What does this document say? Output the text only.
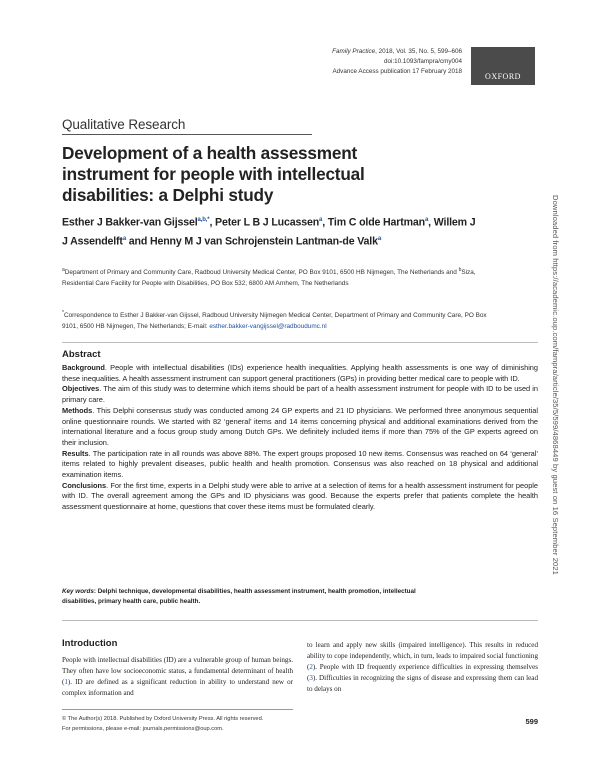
Family Practice, 2018, Vol. 35, No. 5, 599–606
doi:10.1093/fampra/cmy004
Advance Access publication 17 February 2018
OXFORD
Qualitative Research
Development of a health assessment instrument for people with intellectual disabilities: a Delphi study
Esther J Bakker-van Gijssel$^{a,b,*}$, Peter L B J Lucassen$^a$, Tim C olde Hartman$^a$, Willem J J Assendelft$^a$ and Henny M J van Schrojenstein Lantman-de Valk$^a$
$^a$Department of Primary and Community Care, Radboud University Medical Center, PO Box 9101, 6500 HB Nijmegen, The Netherlands and $^b$Siza, Residential Care Facility for People with Disabilities, PO Box 532, 6800 AM Arnhem, The Netherlands
*Correspondence to Esther J Bakker-van Gijssel, Radboud University Nijmegen Medical Center, Department of Primary and Community Care, PO Box 9101, 6500 HB Nijmegen, The Netherlands; E-mail: esther.bakker-vangijssel@radboudumc.nl
Abstract

Background. People with intellectual disabilities (IDs) experience health inequalities. Applying health assessments is one way of diminishing these inequalities. A health assessment instrument can support general practitioners (GPs) in providing better medical care to people with ID.

Objectives. The aim of this study was to determine which items should be part of a health assessment instrument for people with ID to be used in primary care.

Methods. This Delphi consensus study was conducted among 24 GP experts and 21 ID physicians. We performed three anonymous sequential online questionnaire rounds. We started with 82 ‘general’ items and 14 items concerning physical and additional examinations derived from the international literature and a focus group study among Dutch GPs. We definitely included items if more than 75% of the GP experts agreed on their inclusion.

Results. The participation rate in all rounds was above 88%. The expert groups proposed 10 new items. Consensus was reached on 64 ‘general’ items related to highly prevalent diseases, public health and health promotion. Consensus was also reached on 18 physical and additional examination items.

Conclusions. For the first time, experts in a Delphi study were able to arrive at a selection of items for a health assessment instrument for people with ID. The overall agreement among the GPs and ID physicians was good. Because the experts prefer that patients complete the health assessment questionnaire at home, questions that cover these items must be formulated clearly.

Key words: Delphi technique, developmental disabilities, health assessment instrument, health promotion, intellectual disabilities, primary health care, public health.
Introduction

People with intellectual disabilities (ID) are a vulnerable group of human beings. They often have low socioeconomic status, a fundamental determinant of health (1). ID are defined as a significant reduction in ability to understand new or complex information and

to learn and apply new skills (impaired intelligence). This results in reduced ability to cope independently, which, in turn, leads to impaired social functioning (2). People with ID frequently experience difficulties in expressing themselves (3). Difficulties in recognizing the signs of disease and expressing them can lead to delays on

© The Author(s) 2018. Published by Oxford University Press. All rights reserved.
For permissions, please e-mail: journals.permissions@oup.com.
599
Downloaded from https://academic.oup.com/fampra/article/35/5/599/4868449 by guest on 16 September 2021
